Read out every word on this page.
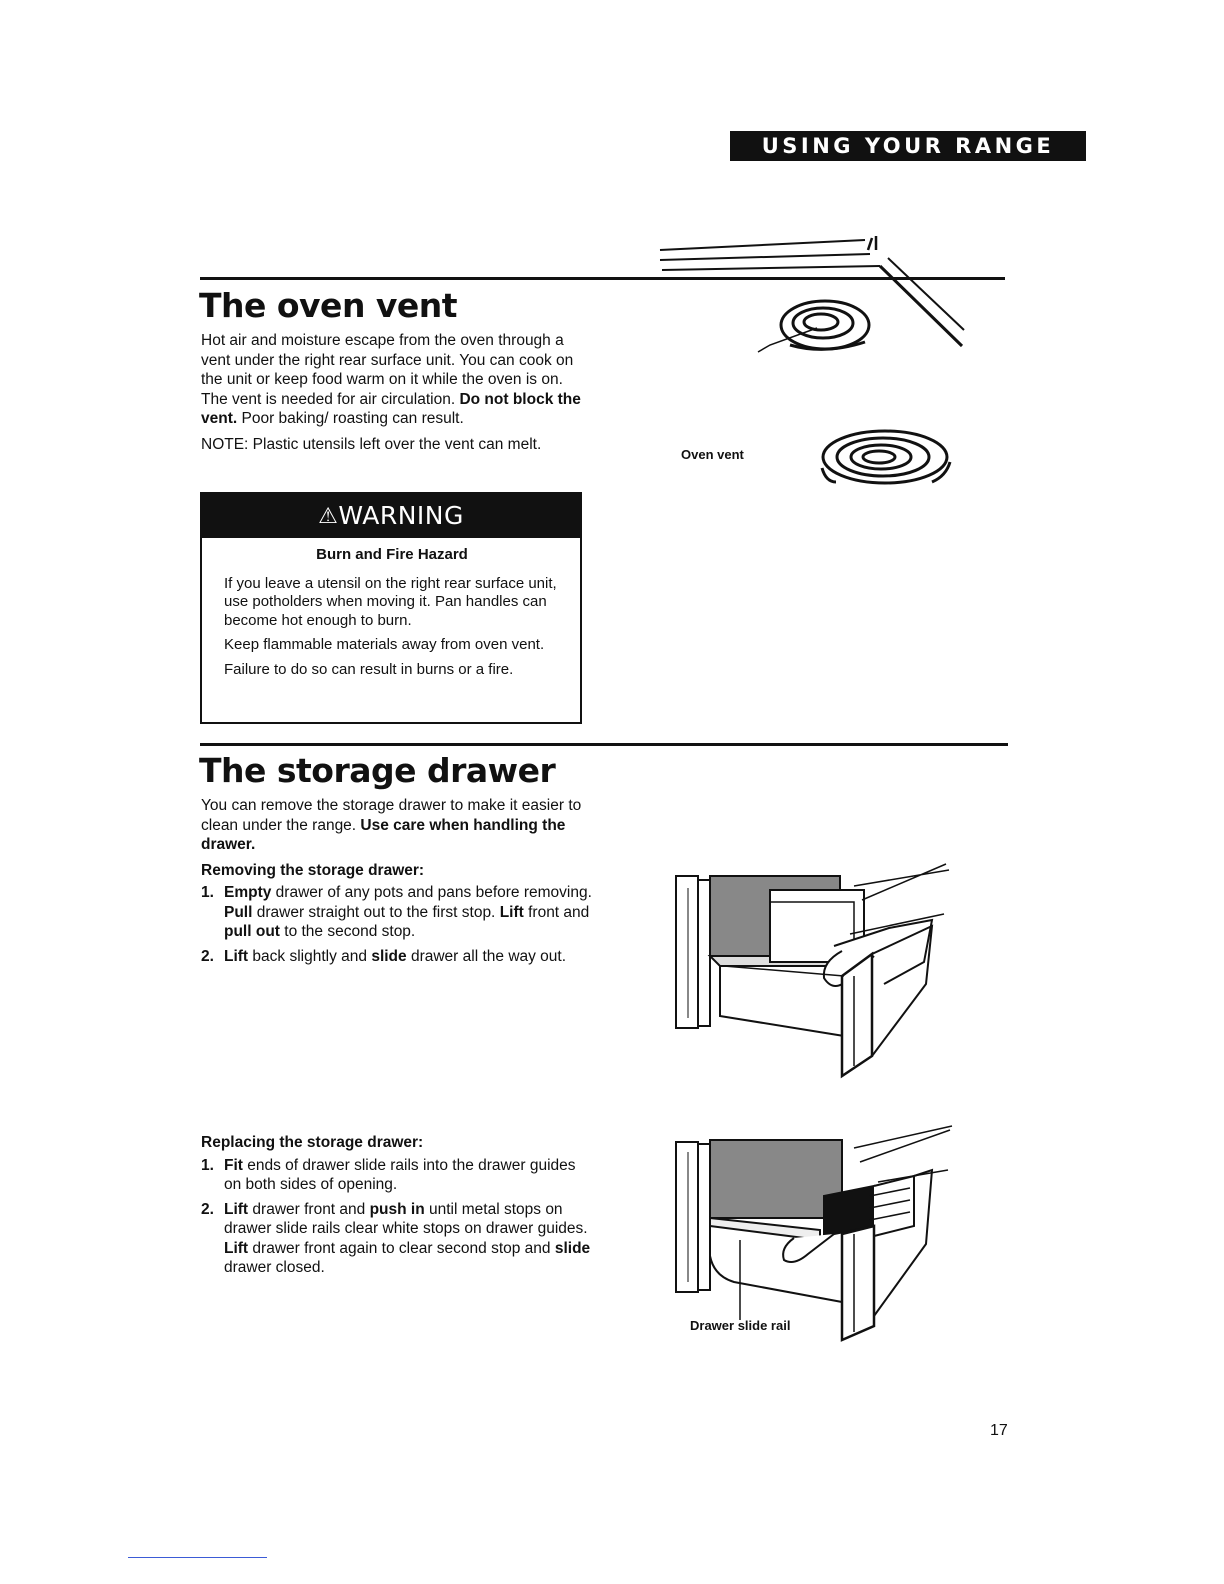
USING YOUR RANGE
The oven vent

Hot air and moisture escape from the oven through a vent under the right rear surface unit. You can cook on the unit or keep food warm on it while the oven is on. The vent is needed for air circulation. Do not block the vent. Poor baking/ roasting can result.

NOTE: Plastic utensils left over the vent can melt.

⚠WARNING

Burn and Fire Hazard

If you leave a utensil on the right rear surface unit, use potholders when moving it. Pan handles can become hot enough to burn.

Keep flammable materials away from oven vent.

Failure to do so can result in burns or a fire.

Oven vent
The storage drawer

You can remove the storage drawer to make it easier to clean under the range. Use care when handling the drawer.

Removing the storage drawer:

1. Empty drawer of any pots and pans before removing. Pull drawer straight out to the first stop. Lift front and pull out to the second stop.
2. Lift back slightly and slide drawer all the way out.

Replacing the storage drawer:

1. Fit ends of drawer slide rails into the drawer guides on both sides of opening.
2. Lift drawer front and push in until metal stops on drawer slide rails clear white stops on drawer guides. Lift drawer front again to clear second stop and slide drawer closed.
Drawer slide rail
17
